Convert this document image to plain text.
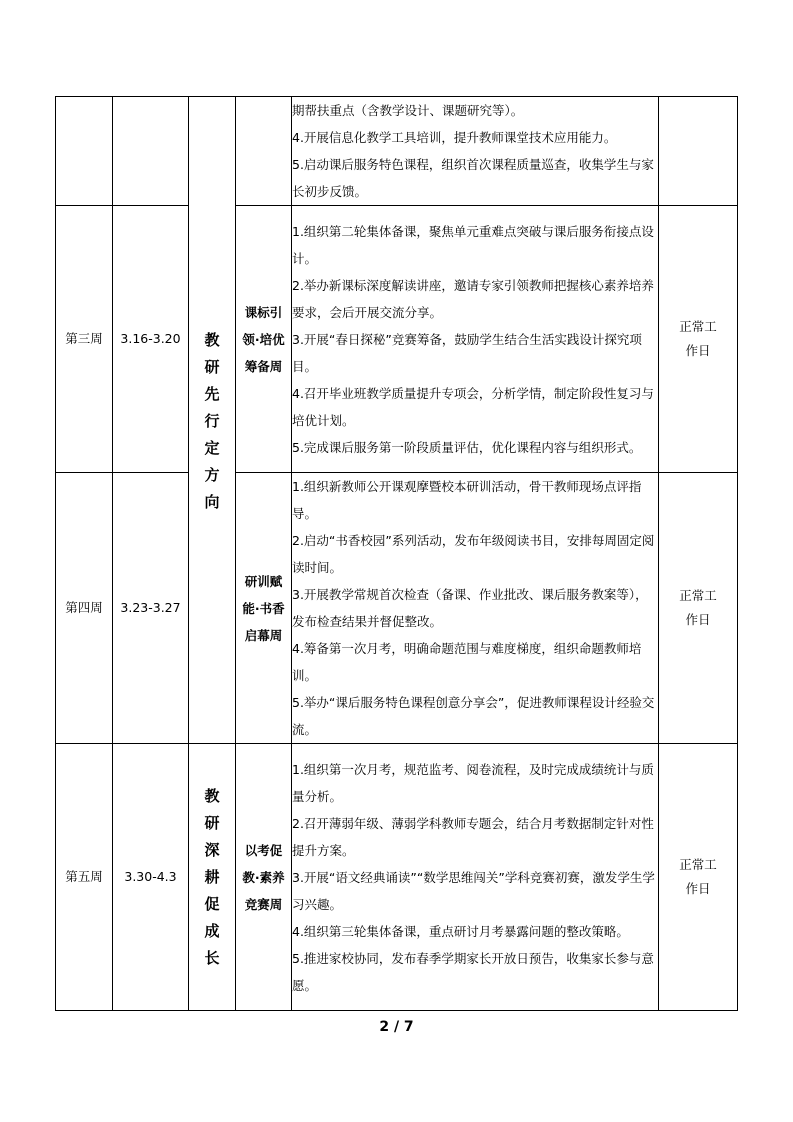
		教研先行定方向		期帮扶重点（含教学设计、课题研究等）。

4.开展信息化教学工具培训，提升教师课堂技术应用能力。

5.启动课后服务特色课程，组织首次课程质量巡查，收集学生与家长初步反馈。	

第三周	3.16-3.20		课标引领·培优筹备周	1.组织第二轮集体备课，聚焦单元重难点突破与课后服务衔接点设计。

2.举办新课标深度解读讲座，邀请专家引领教师把握核心素养培养要求，会后开展交流分享。

3.开展“春日探秘”竞赛筹备，鼓励学生结合生活实践设计探究项目。

4.召开毕业班教学质量提升专项会，分析学情，制定阶段性复习与培优计划。

5.完成课后服务第一阶段质量评估，优化课程内容与组织形式。	正常工作日

第四周	3.23-3.27		研训赋能·书香启幕周	1.组织新教师公开课观摩暨校本研训活动，骨干教师现场点评指导。

2.启动“书香校园”系列活动，发布年级阅读书目，安排每周固定阅读时间。

3.开展教学常规首次检查（备课、作业批改、课后服务教案等），发布检查结果并督促整改。

4.筹备第一次月考，明确命题范围与难度梯度，组织命题教师培训。

5.举办“课后服务特色课程创意分享会”，促进教师课程设计经验交流。	正常工作日

第五周	3.30-4.3	教研深耕促成长	以考促教·素养竞赛周	1.组织第一次月考，规范监考、阅卷流程，及时完成成绩统计与质量分析。

2.召开薄弱年级、薄弱学科教师专题会，结合月考数据制定针对性提升方案。

3.开展“语文经典诵读”“数学思维闯关”学科竞赛初赛，激发学生学习兴趣。

4.组织第三轮集体备课，重点研讨月考暴露问题的整改策略。

5.推进家校协同，发布春季学期家长开放日预告，收集家长参与意愿。	正常工作日
2 / 7
